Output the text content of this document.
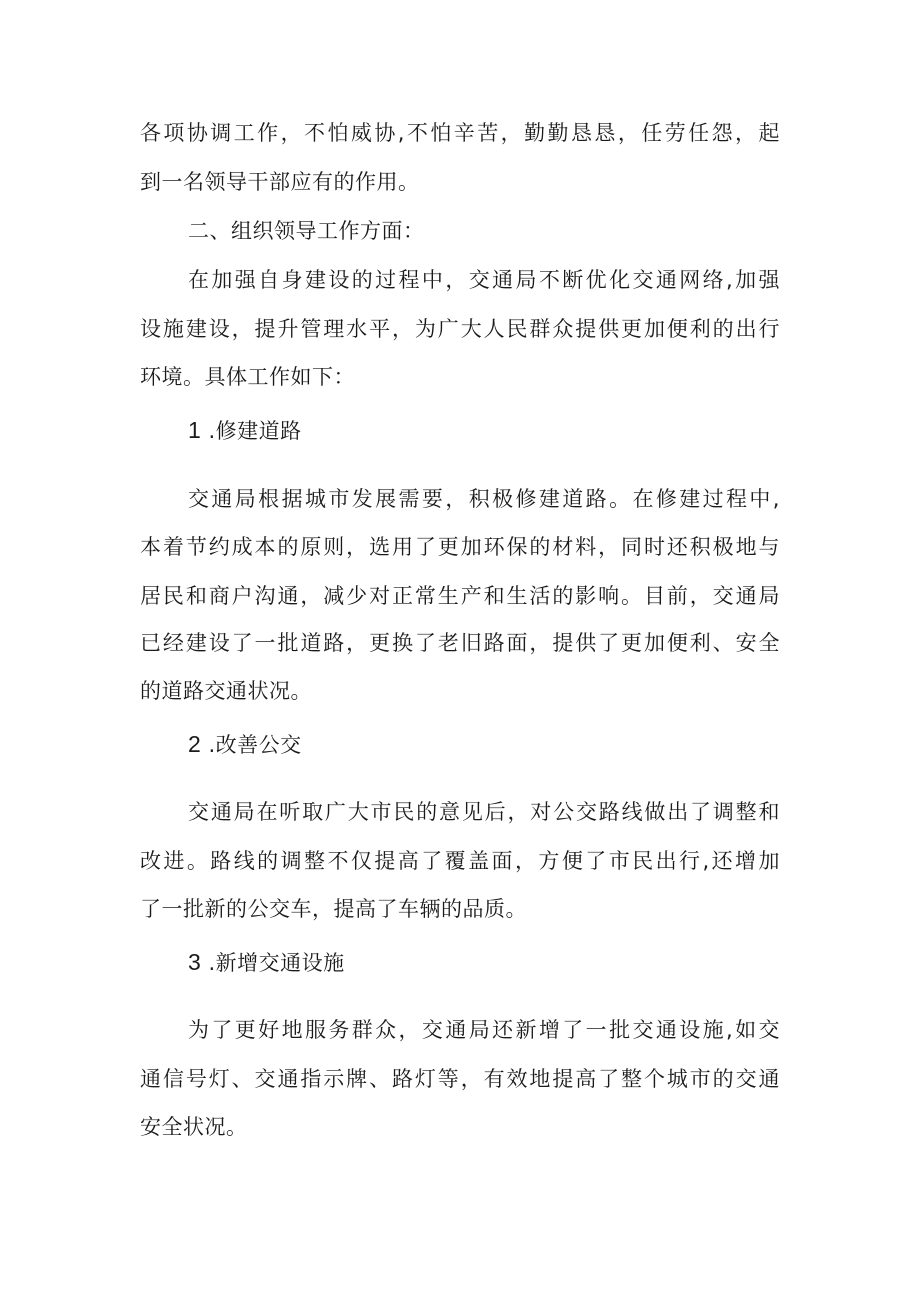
各项协调工作，不怕威协,不怕辛苦，勤勤恳恳，任劳任怨，起
到一名领导干部应有的作用。
二、组织领导工作方面：
在加强自身建设的过程中，交通局不断优化交通网络,加强
设施建设，提升管理水平，为广大人民群众提供更加便利的出行
环境。具体工作如下：
1 .修建道路
交通局根据城市发展需要，积极修建道路。在修建过程中,
本着节约成本的原则，选用了更加环保的材料，同时还积极地与
居民和商户沟通，减少对正常生产和生活的影响。目前，交通局
已经建设了一批道路，更换了老旧路面，提供了更加便利、安全
的道路交通状况。
2 .改善公交
交通局在听取广大市民的意见后，对公交路线做出了调整和
改进。路线的调整不仅提高了覆盖面，方便了市民出行,还增加
了一批新的公交车，提高了车辆的品质。
3 .新增交通设施
为了更好地服务群众，交通局还新增了一批交通设施,如交
通信号灯、交通指示牌、路灯等，有效地提高了整个城市的交通
安全状况。
